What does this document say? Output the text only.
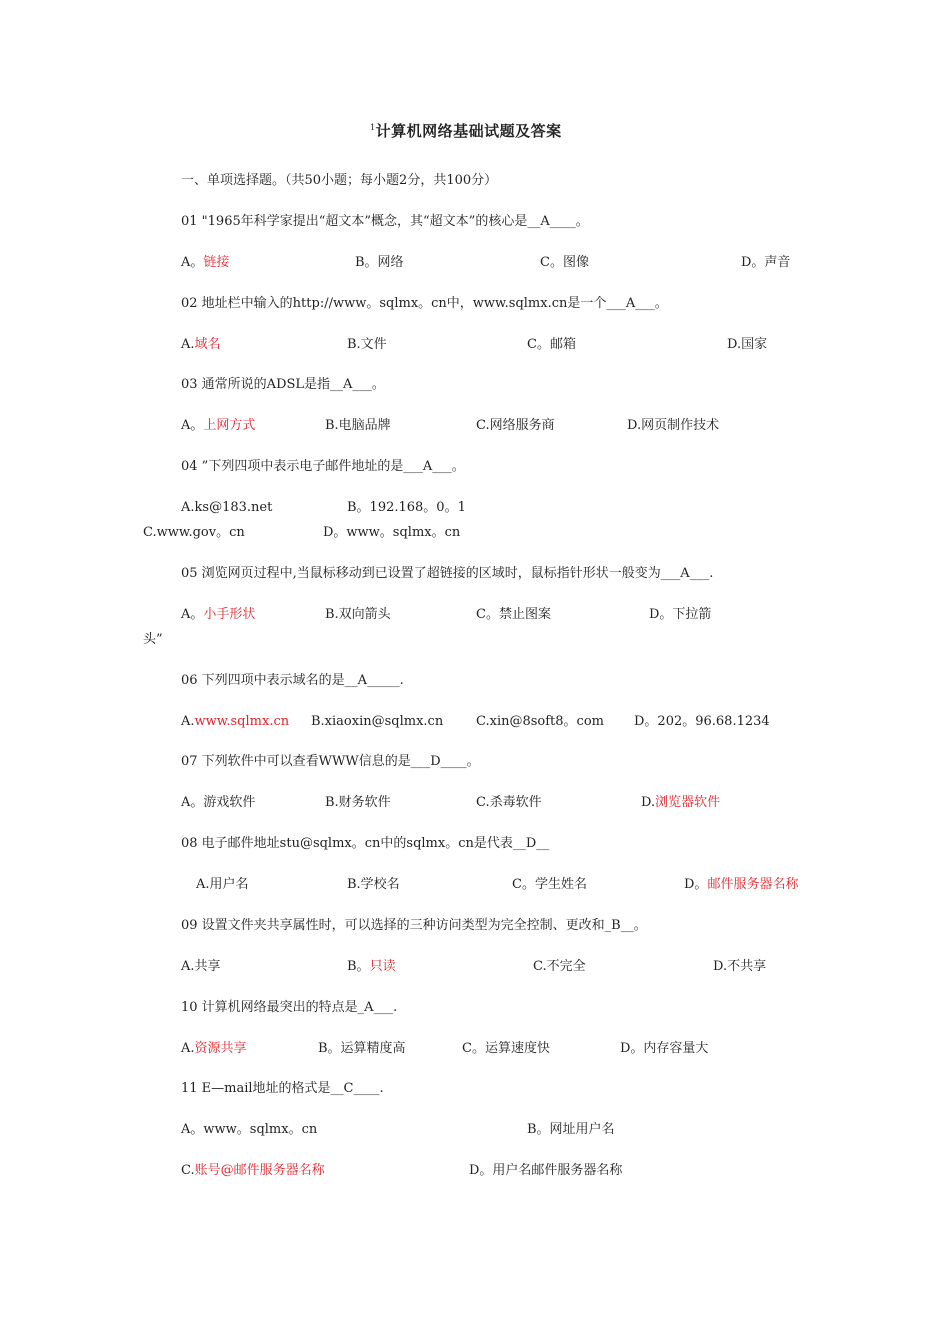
$^1$计算机网络基础试题及答案
一、单项选择题。（共50小题；每小题2分，共100分）
01 "1965年科学家提出“超文本”概念，其“超文本”的核心是__A____。
A。链接	B。网络	C。图像	D。声音
02 地址栏中输入的http://www。sqlmx。cn中，www.sqlmx.cn是一个___A___。
A.域名	B.文件	C。邮箱	D.国家
03 通常所说的ADSL是指__A___。
A。上网方式	B.电脑品牌	C.网络服务商	D.网页制作技术
04 ”下列四项中表示电子邮件地址的是___A___。
A.ks@183.net	B。192.168。0。1
C.www.gov。cn	D。www。sqlmx。cn
05 浏览网页过程中,当鼠标移动到已设置了超链接的区域时，鼠标指针形状一般变为___A___.
A。小手形状	B.双向箭头	C。禁止图案	D。下拉箭
头”
06 下列四项中表示域名的是__A_____.
A.www.sqlmx.cn B.xiaoxin@sqlmx.cn	C.xin@8soft8。com D。202。96.68.1234
07 下列软件中可以查看WWW信息的是___D____。
A。游戏软件	B.财务软件	C.杀毒软件	D.浏览器软件
08 电子邮件地址stu@sqlmx。cn中的sqlmx。cn是代表__D__
A.用户名	B.学校名	C。学生姓名	D。邮件服务器名称
09 设置文件夹共享属性时，可以选择的三种访问类型为完全控制、更改和_B__。
A.共享	B。只读	C.不完全	D.不共享
10 计算机网络最突出的特点是_A___.
A.资源共享	B。运算精度高	C。运算速度快	D。内存容量大
11 E—mail地址的格式是__C____.
A。www。sqlmx。cn	B。网址用户名
C.账号@邮件服务器名称	D。用户名邮件服务器名称
